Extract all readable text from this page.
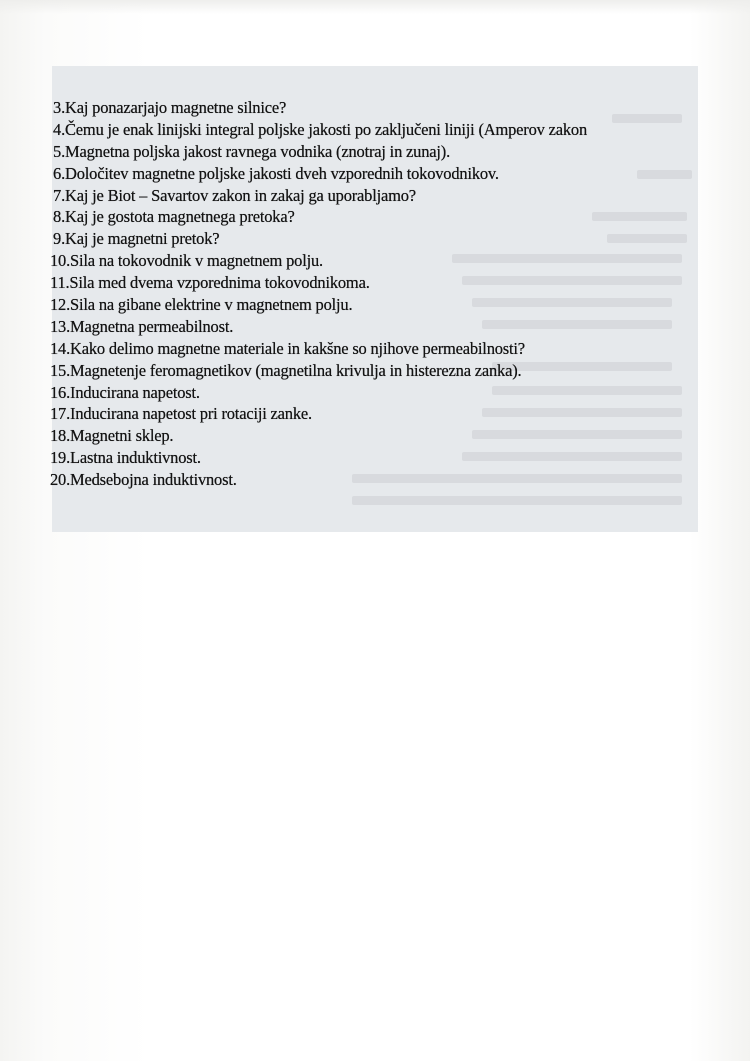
3.Kaj ponazarjajo magnetne silnice?
4.Čemu je enak linijski integral poljske jakosti po zaključeni liniji (Amperov zakon
5.Magnetna poljska jakost ravnega vodnika (znotraj in zunaj).
6.Določitev magnetne poljske jakosti dveh vzporednih tokovodnikov.
7.Kaj je Biot – Savartov zakon in zakaj ga uporabljamo?
8.Kaj je gostota magnetnega pretoka?
9.Kaj je magnetni pretok?
10.Sila na tokovodnik v magnetnem polju.
11.Sila med dvema vzporednima tokovodnikoma.
12.Sila na gibane elektrine v magnetnem polju.
13.Magnetna permeabilnost.
14.Kako delimo magnetne materiale in kakšne so njihove permeabilnosti?
15.Magnetenje feromagnetikov (magnetilna krivulja in histerezna zanka).
16.Inducirana napetost.
17.Inducirana napetost pri rotaciji zanke.
18.Magnetni sklep.
19.Lastna induktivnost.
20.Medsebojna induktivnost.
